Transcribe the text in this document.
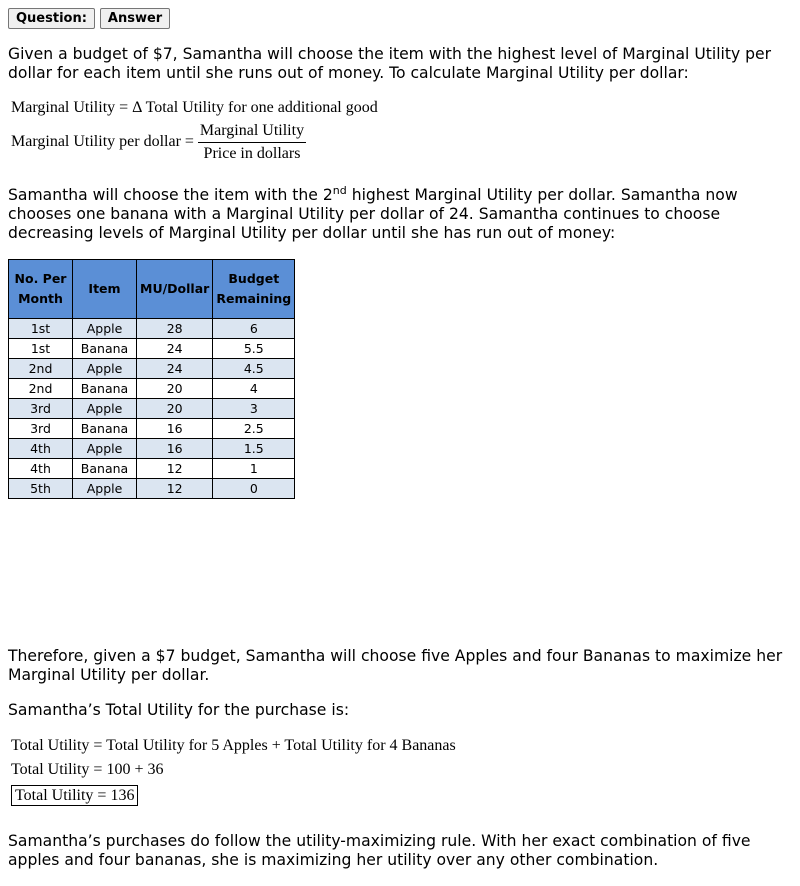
Question:	Answer

Given a budget of $7, Samantha will choose the item with the highest level of Marginal Utility per dollar for each item until she runs out of money. To calculate Marginal Utility per dollar:

Marginal Utility = Δ Total Utility for one additional good
Marginal Utility per dollar = $\frac{\text{Marginal Utility}}{\text{Price in dollars}}$

Samantha will choose the item with the 2nd highest Marginal Utility per dollar. Samantha now chooses one banana with a Marginal Utility per dollar of 24. Samantha continues to choose decreasing levels of Marginal Utility per dollar until she has run out of money:

No. Per Month	Item	MU/Dollar	Budget Remaining
1st	Apple	28	6
1st	Banana	24	5.5
2nd	Apple	24	4.5
2nd	Banana	20	4
3rd	Apple	20	3
3rd	Banana	16	2.5
4th	Apple	16	1.5
4th	Banana	12	1
5th	Apple	12	0

Therefore, given a $7 budget, Samantha will choose five Apples and four Bananas to maximize her Marginal Utility per dollar.

Samantha’s Total Utility for the purchase is:

Total Utility = Total Utility for 5 Apples + Total Utility for 4 Bananas
Total Utility = 100 + 36
Total Utility = 136

Samantha’s purchases do follow the utility-maximizing rule. With her exact combination of five apples and four bananas, she is maximizing her utility over any other combination.
